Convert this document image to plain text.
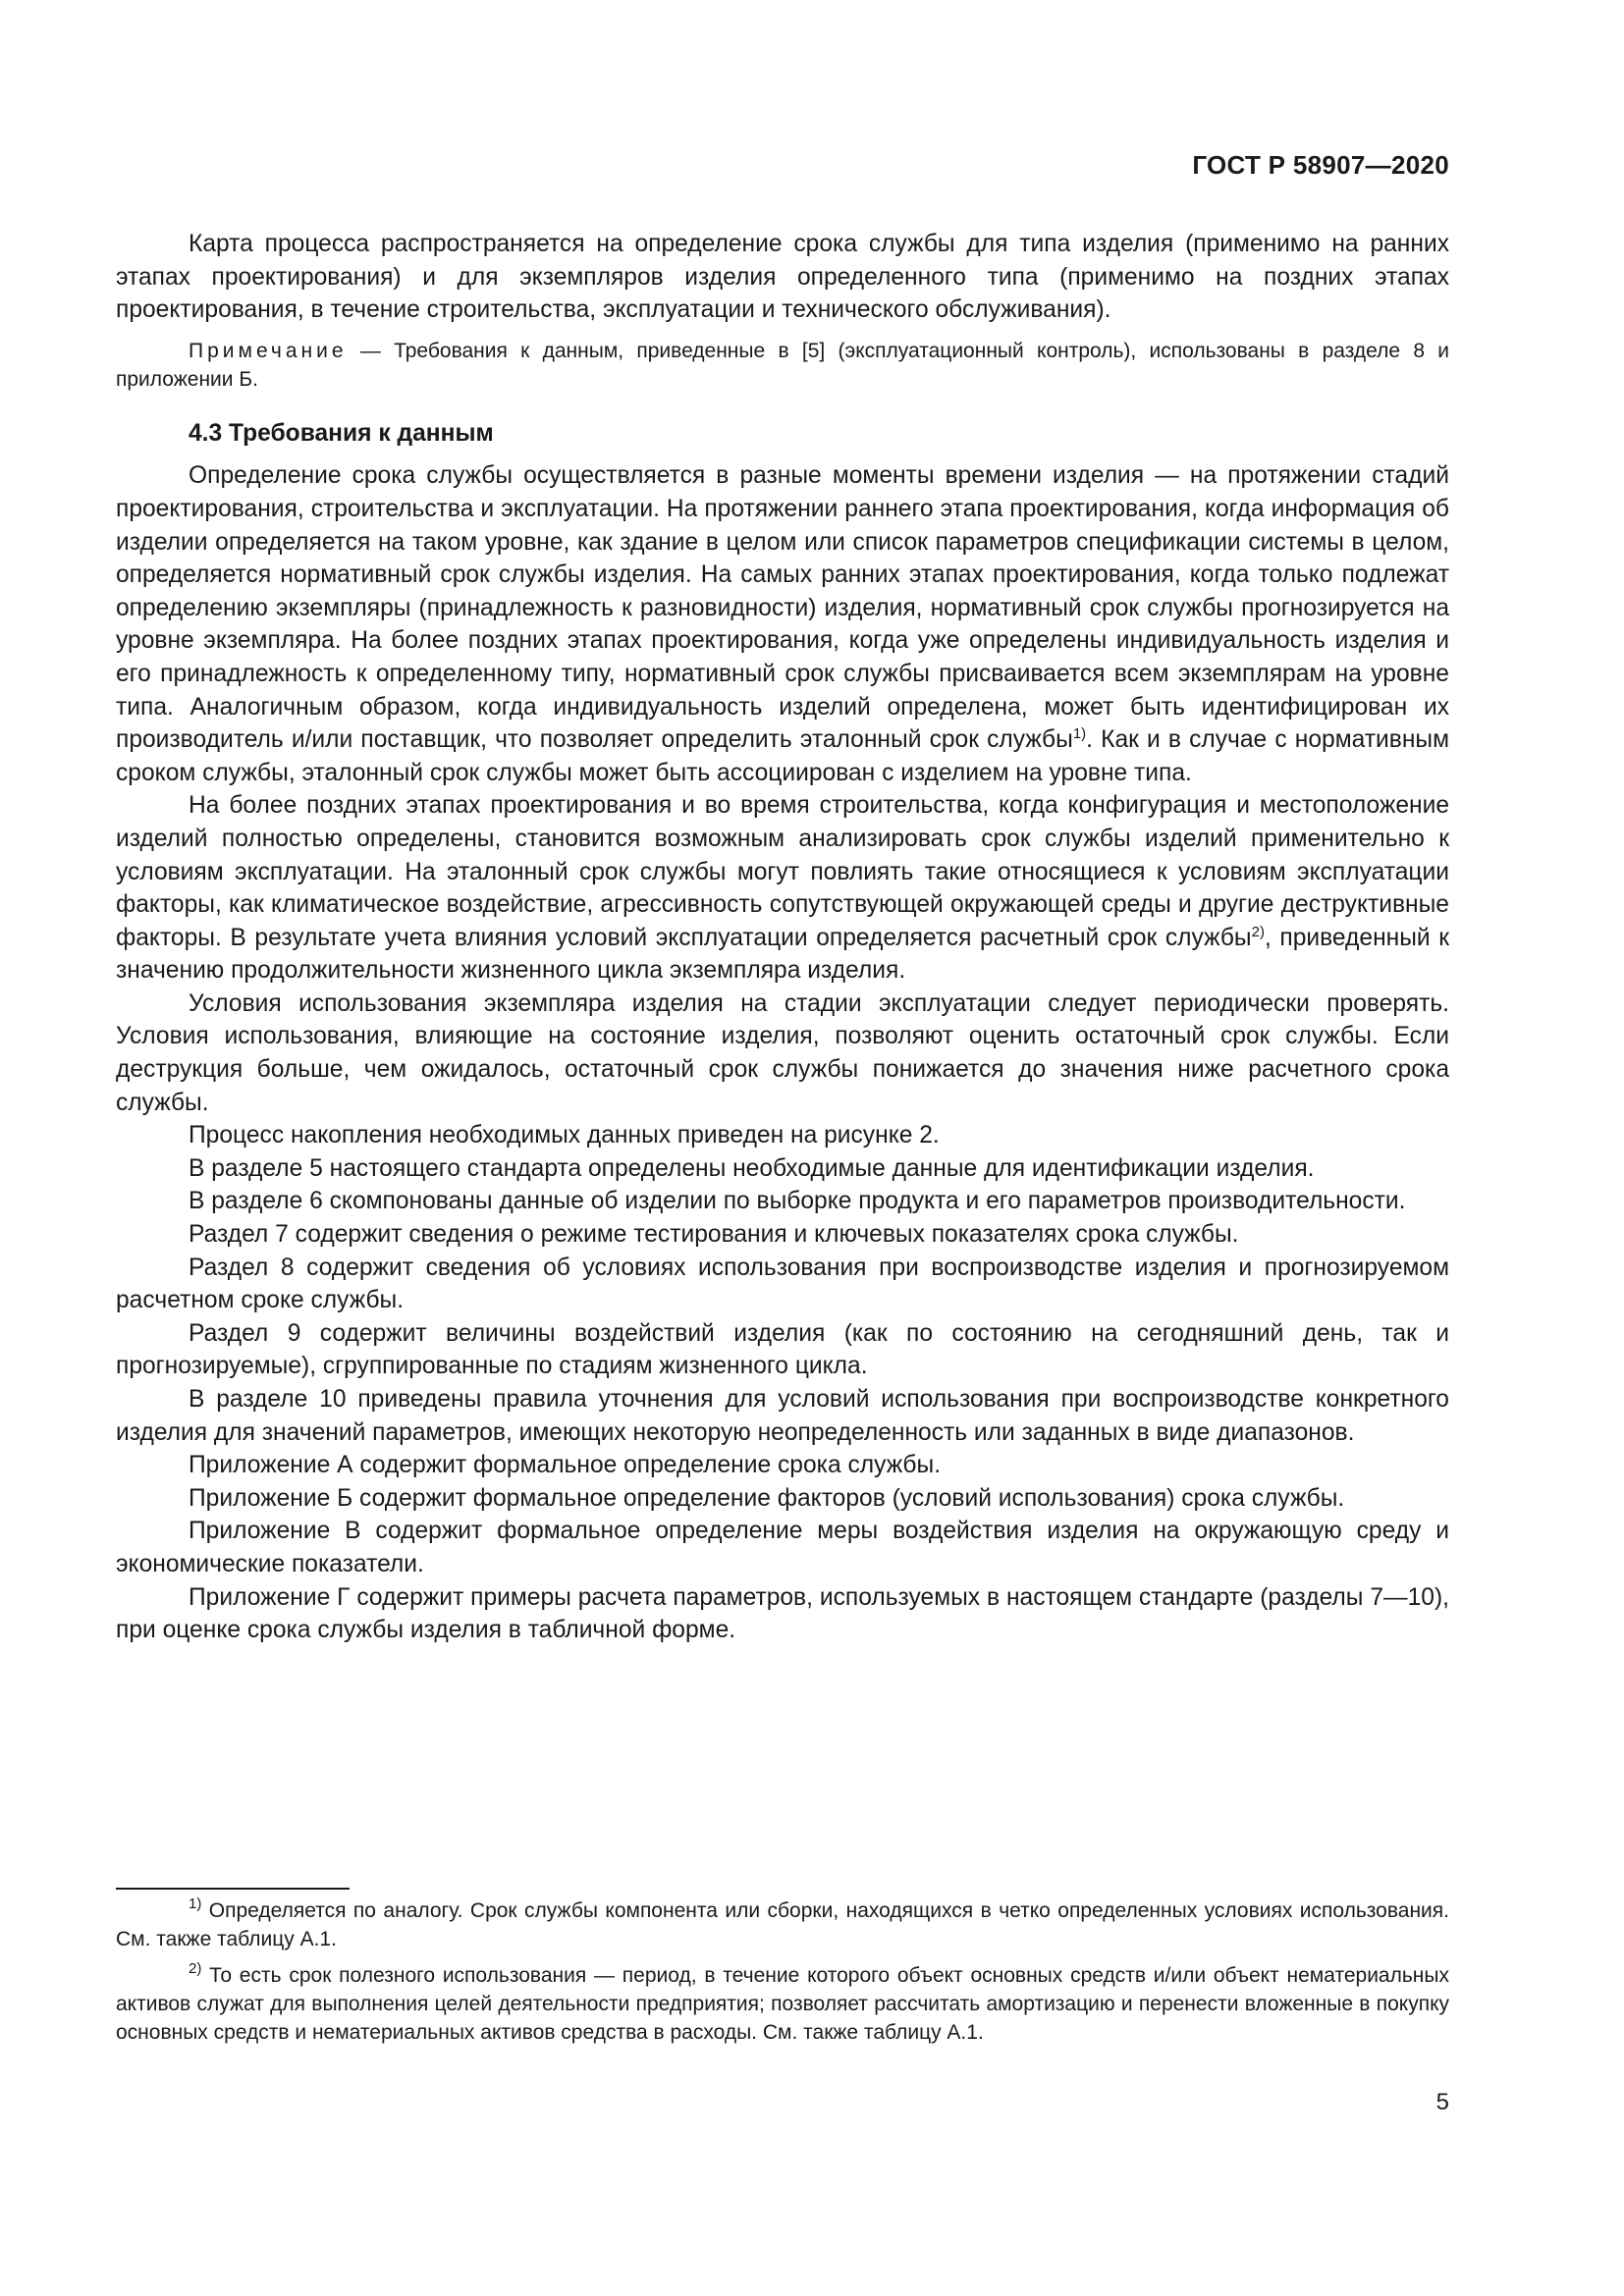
ГОСТ Р 58907—2020

Карта процесса распространяется на определение срока службы для типа изделия (применимо на ранних этапах проектирования) и для экземпляров изделия определенного типа (применимо на поздних этапах проектирования, в течение строительства, эксплуатации и технического обслуживания).

Примечание — Требования к данным, приведенные в [5] (эксплуатационный контроль), использованы в разделе 8 и приложении Б.

4.3 Требования к данным

Определение срока службы осуществляется в разные моменты времени изделия — на протяжении стадий проектирования, строительства и эксплуатации. На протяжении раннего этапа проектирования, когда информация об изделии определяется на таком уровне, как здание в целом или список параметров спецификации системы в целом, определяется нормативный срок службы изделия. На самых ранних этапах проектирования, когда только подлежат определению экземпляры (принадлежность к разновидности) изделия, нормативный срок службы прогнозируется на уровне экземпляра. На более поздних этапах проектирования, когда уже определены индивидуальность изделия и его принадлежность к определенному типу, нормативный срок службы присваивается всем экземплярам на уровне типа. Аналогичным образом, когда индивидуальность изделий определена, может быть идентифицирован их производитель и/или поставщик, что позволяет определить эталонный срок службы$^{1)}$. Как и в случае с нормативным сроком службы, эталонный срок службы может быть ассоциирован с изделием на уровне типа.

На более поздних этапах проектирования и во время строительства, когда конфигурация и местоположение изделий полностью определены, становится возможным анализировать срок службы изделий применительно к условиям эксплуатации. На эталонный срок службы могут повлиять такие относящиеся к условиям эксплуатации факторы, как климатическое воздействие, агрессивность сопутствующей окружающей среды и другие деструктивные факторы. В результате учета влияния условий эксплуатации определяется расчетный срок службы$^{2)}$, приведенный к значению продолжительности жизненного цикла экземпляра изделия.

Условия использования экземпляра изделия на стадии эксплуатации следует периодически проверять. Условия использования, влияющие на состояние изделия, позволяют оценить остаточный срок службы. Если деструкция больше, чем ожидалось, остаточный срок службы понижается до значения ниже расчетного срока службы.

Процесс накопления необходимых данных приведен на рисунке 2.

В разделе 5 настоящего стандарта определены необходимые данные для идентификации изделия.

В разделе 6 скомпонованы данные об изделии по выборке продукта и его параметров производительности.

Раздел 7 содержит сведения о режиме тестирования и ключевых показателях срока службы.

Раздел 8 содержит сведения об условиях использования при воспроизводстве изделия и прогнозируемом расчетном сроке службы.

Раздел 9 содержит величины воздействий изделия (как по состоянию на сегодняшний день, так и прогнозируемые), сгруппированные по стадиям жизненного цикла.

В разделе 10 приведены правила уточнения для условий использования при воспроизводстве конкретного изделия для значений параметров, имеющих некоторую неопределенность или заданных в виде диапазонов.

Приложение А содержит формальное определение срока службы.

Приложение Б содержит формальное определение факторов (условий использования) срока службы.

Приложение В содержит формальное определение меры воздействия изделия на окружающую среду и экономические показатели.

Приложение Г содержит примеры расчета параметров, используемых в настоящем стандарте (разделы 7—10), при оценке срока службы изделия в табличной форме.

$^{1)}$ Определяется по аналогу. Срок службы компонента или сборки, находящихся в четко определенных условиях использования. См. также таблицу А.1.

$^{2)}$ То есть срок полезного использования — период, в течение которого объект основных средств и/или объект нематериальных активов служат для выполнения целей деятельности предприятия; позволяет рассчитать амортизацию и перенести вложенные в покупку основных средств и нематериальных активов средства в расходы. См. также таблицу А.1.

5
